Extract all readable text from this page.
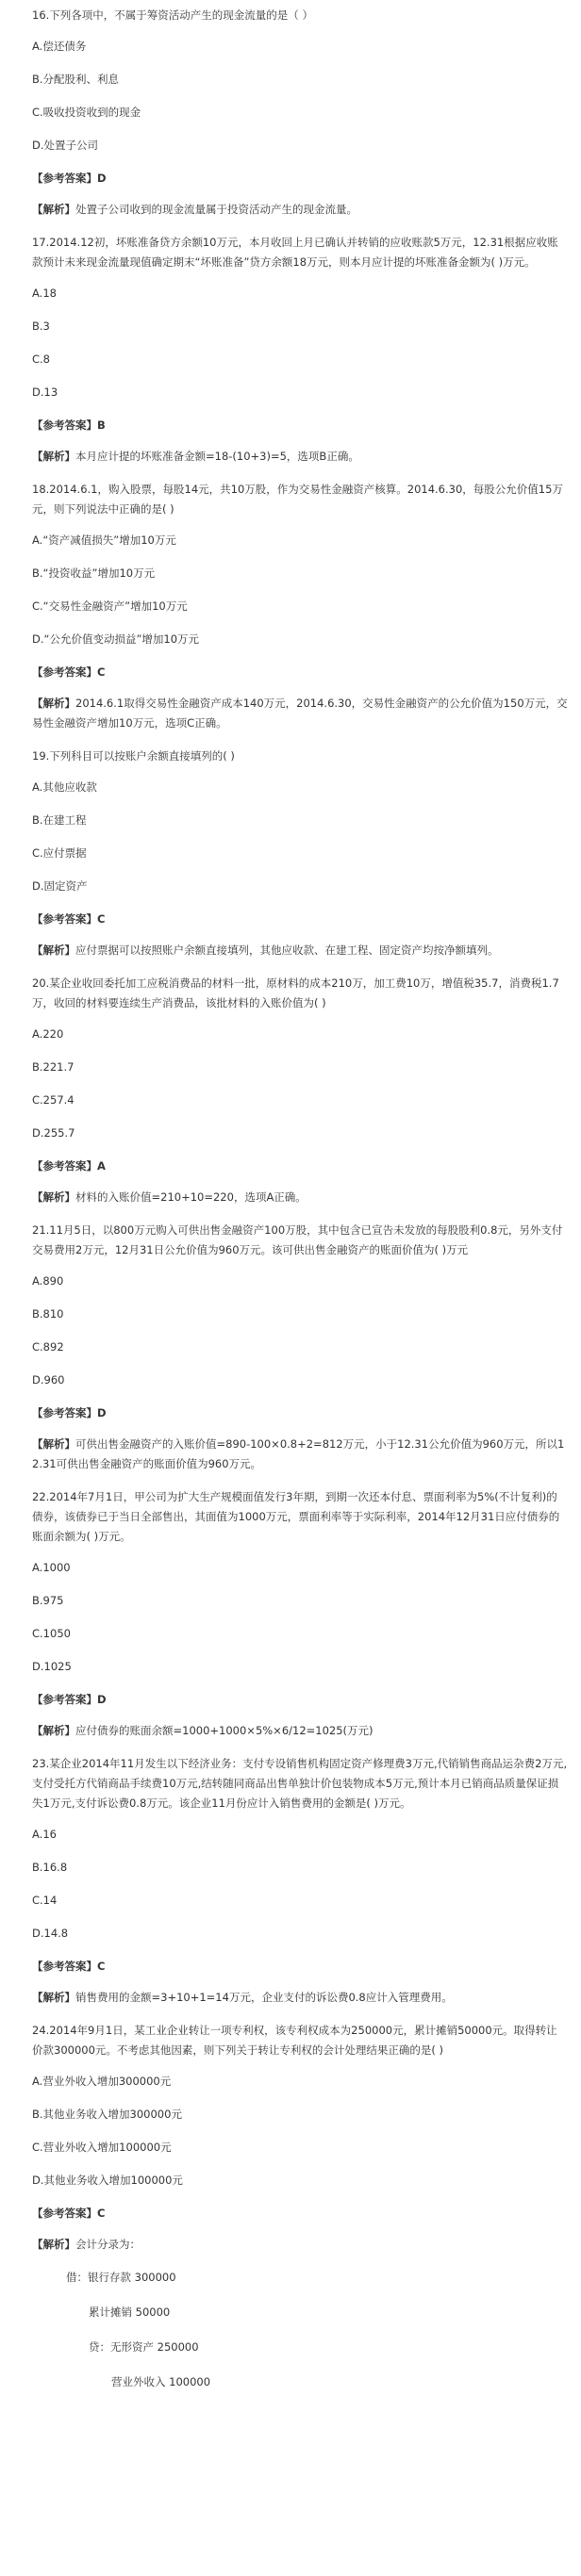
16.下列各项中，不属于筹资活动产生的现金流量的是（ ）

A.偿还债务

B.分配股利、利息

C.吸收投资收到的现金

D.处置子公司

【参考答案】D

【解析】处置子公司收到的现金流量属于投资活动产生的现金流量。

17.2014.12初，坏账准备贷方余额10万元，本月收回上月已确认并转销的应收账款5万元，12.31根据应收账款预计未来现金流量现值确定期末“坏账准备”贷方余额18万元，则本月应计提的坏账准备金额为( )万元。

A.18

B.3

C.8

D.13

【参考答案】B

【解析】本月应计提的坏账准备金额=18-(10+3)=5，选项B正确。

18.2014.6.1，购入股票，每股14元，共10万股，作为交易性金融资产核算。2014.6.30，每股公允价值15万元，则下列说法中正确的是( )

A.“资产减值损失”增加10万元

B.“投资收益”增加10万元

C.“交易性金融资产”增加10万元

D.“公允价值变动损益”增加10万元

【参考答案】C

【解析】2014.6.1取得交易性金融资产成本140万元，2014.6.30，交易性金融资产的公允价值为150万元，交易性金融资产增加10万元，选项C正确。

19.下列科目可以按账户余额直接填列的( )

A.其他应收款

B.在建工程

C.应付票据

D.固定资产

【参考答案】C

【解析】应付票据可以按照账户余额直接填列，其他应收款、在建工程、固定资产均按净额填列。

20.某企业收回委托加工应税消费品的材料一批，原材料的成本210万，加工费10万，增值税35.7，消费税1.7万，收回的材料要连续生产消费品，该批材料的入账价值为( )

A.220

B.221.7

C.257.4

D.255.7

【参考答案】A

【解析】材料的入账价值=210+10=220，选项A正确。

21.11月5日，以800万元购入可供出售金融资产100万股，其中包含已宣告未发放的每股股利0.8元，另外支付交易费用2万元，12月31日公允价值为960万元。该可供出售金融资产的账面价值为( )万元

A.890

B.810

C.892

D.960

【参考答案】D

【解析】可供出售金融资产的入账价值=890-100×0.8+2=812万元，小于12.31公允价值为960万元，所以12.31可供出售金融资产的账面价值为960万元。

22.2014年7月1日，甲公司为扩大生产规模面值发行3年期，到期一次还本付息、票面利率为5%(不计复利)的债券，该债券已于当日全部售出，其面值为1000万元，票面利率等于实际利率，2014年12月31日应付债券的账面余额为( )万元。

A.1000

B.975

C.1050

D.1025

【参考答案】D

【解析】应付债券的账面余额=1000+1000×5%×6/12=1025(万元)

23.某企业2014年11月发生以下经济业务：支付专设销售机构固定资产修理费3万元,代销销售商品运杂费2万元,支付受托方代销商品手续费10万元,结转随同商品出售单独计价包装物成本5万元,预计本月已销商品质量保证损失1万元,支付诉讼费0.8万元。该企业11月份应计入销售费用的金额是( )万元。

A.16

B.16.8

C.14

D.14.8

【参考答案】C

【解析】销售费用的金额=3+10+1=14万元，企业支付的诉讼费0.8应计入管理费用。

24.2014年9月1日，某工业企业转让一项专利权，该专利权成本为250000元，累计摊销50000元。取得转让价款300000元。不考虑其他因素，则下列关于转让专利权的会计处理结果正确的是( )

A.营业外收入增加300000元

B.其他业务收入增加300000元

C.营业外收入增加100000元

D.其他业务收入增加100000元

【参考答案】C

【解析】会计分录为：

借：银行存款 300000

累计摊销 50000

贷：无形资产 250000

营业外收入 100000
